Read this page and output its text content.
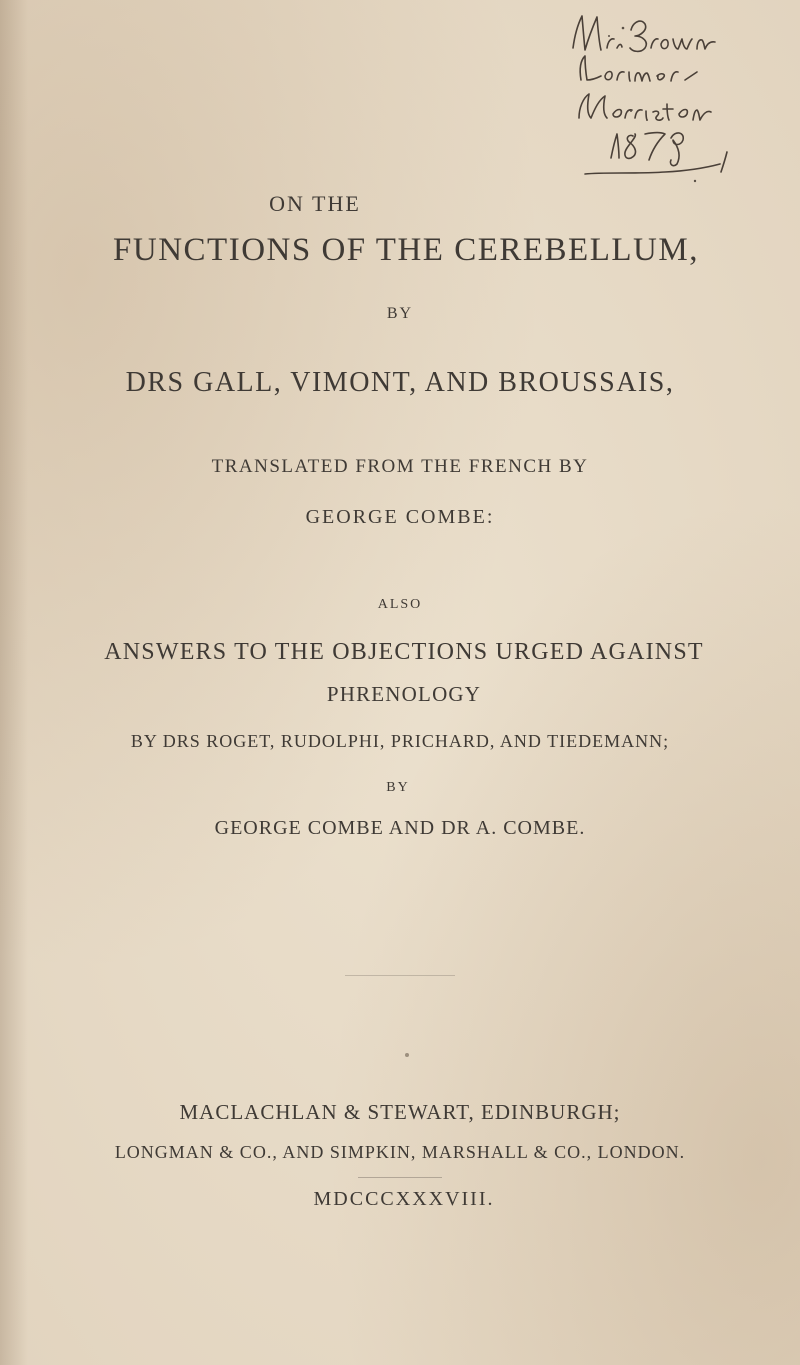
ON THE
FUNCTIONS OF THE CEREBELLUM,
BY
DRS GALL, VIMONT, AND BROUSSAIS,
TRANSLATED FROM THE FRENCH BY
GEORGE COMBE:
ALSO
ANSWERS TO THE OBJECTIONS URGED AGAINST
PHRENOLOGY
BY DRS ROGET, RUDOLPHI, PRICHARD, AND TIEDEMANN;
BY
GEORGE COMBE AND DR A. COMBE.
MACLACHLAN & STEWART, EDINBURGH;
LONGMAN & CO., AND SIMPKIN, MARSHALL & CO., LONDON.
MDCCCXXXVIII.
